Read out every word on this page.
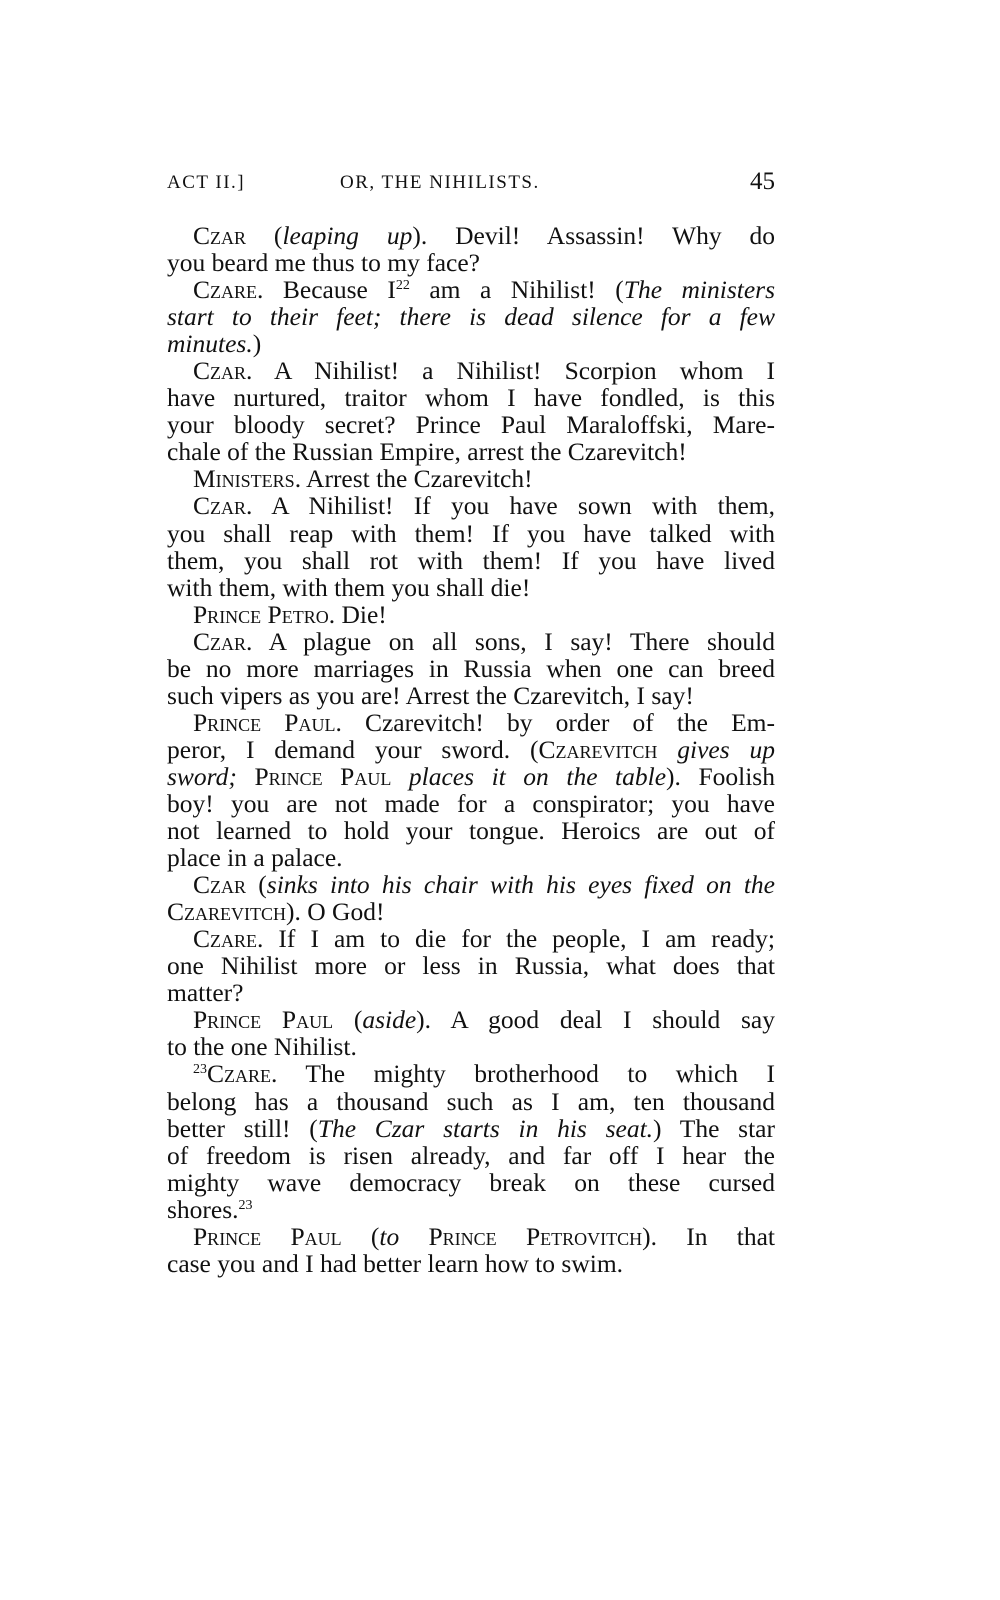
ACT II.]	OR, THE NIHILISTS.	45
Czar (leaping up). Devil! Assassin! Why do
you beard me thus to my face?
Czare. Because $I^{22}$ am a Nihilist! (The ministers
start to their feet; there is dead silence for a few
minutes.)
Czar. A Nihilist! a Nihilist! Scorpion whom I
have nurtured, traitor whom I have fondled, is this
your bloody secret? Prince Paul Maraloffski, Mare-
chale of the Russian Empire, arrest the Czarevitch!
Ministers. Arrest the Czarevitch!
Czar. A Nihilist! If you have sown with them,
you shall reap with them! If you have talked with
them, you shall rot with them! If you have lived
with them, with them you shall die!
Prince Petro. Die!
Czar. A plague on all sons, I say! There should
be no more marriages in Russia when one can breed
such vipers as you are! Arrest the Czarevitch, I say!
Prince Paul. Czarevitch! by order of the Em-
peror, I demand your sword. (Czarevitch gives up
sword; Prince Paul places it on the table). Foolish
boy! you are not made for a conspirator; you have
not learned to hold your tongue. Heroics are out of
place in a palace.
Czar (sinks into his chair with his eyes fixed on the
Czarevitch). O God!
Czare. If I am to die for the people, I am ready;
one Nihilist more or less in Russia, what does that
matter?
Prince Paul (aside). A good deal I should say
to the one Nihilist.
$^{23}$Czare. The mighty brotherhood to which I
belong has a thousand such as I am, ten thousand
better still! (The Czar starts in his seat.) The star
of freedom is risen already, and far off I hear the
mighty wave democracy break on these cursed
shores.$^{23}$
Prince Paul (to Prince Petrovitch). In that
case you and I had better learn how to swim.
